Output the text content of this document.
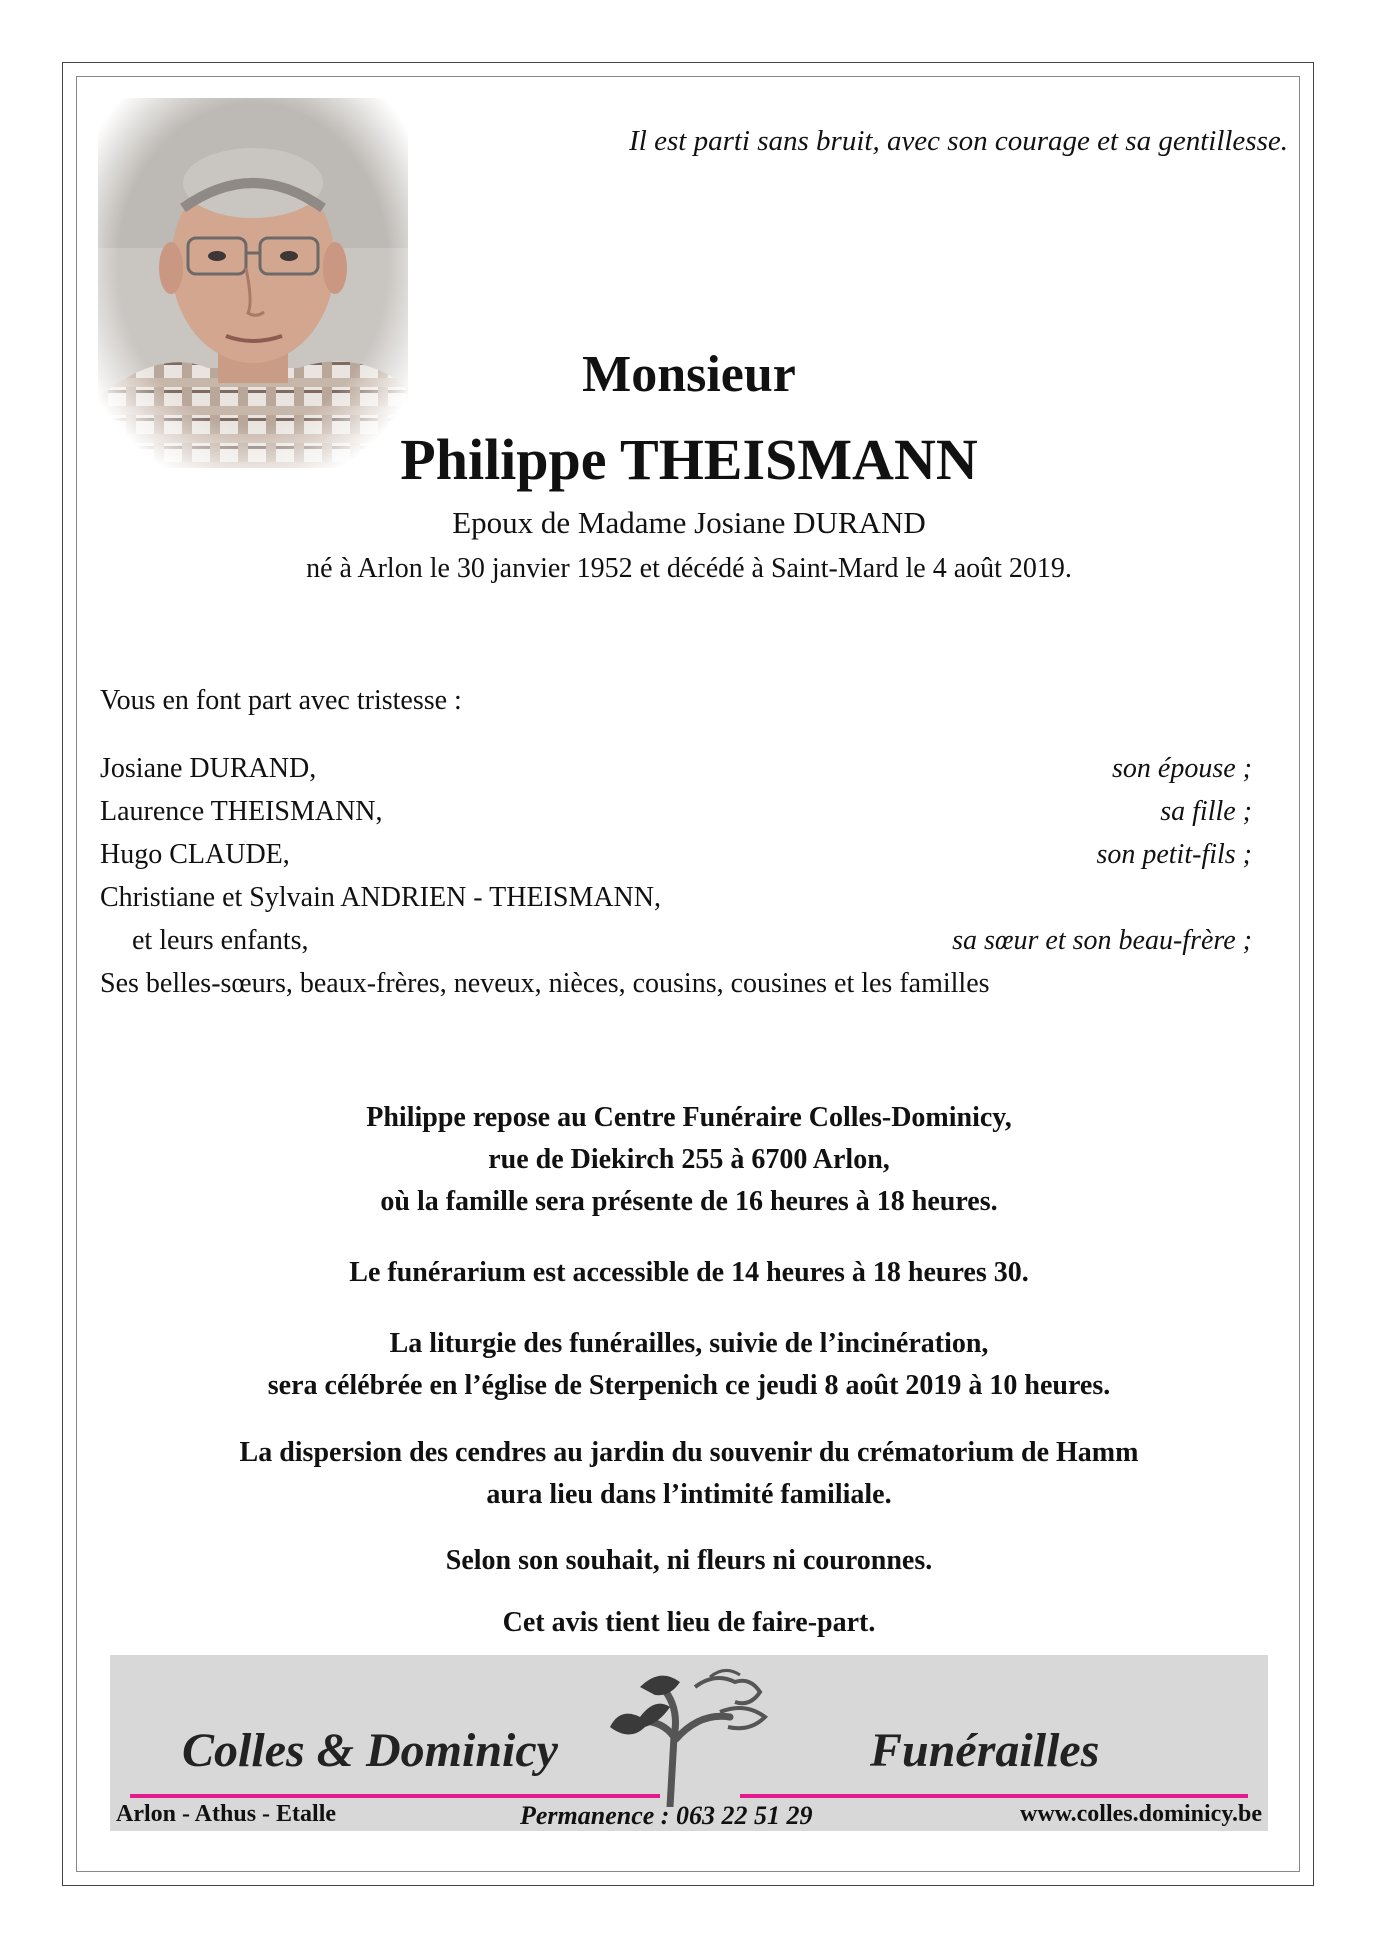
Il est parti sans bruit, avec son courage et sa gentillesse.
Monsieur
Philippe THEISMANN
Epoux de Madame Josiane DURAND
né à Arlon le 30 janvier 1952 et décédé à Saint-Mard le 4 août 2019.
Vous en font part avec tristesse :
Josiane DURAND,	son épouse ;
Laurence THEISMANN,	sa fille ;
Hugo CLAUDE,	son petit-fils ;
Christiane et Sylvain ANDRIEN - THEISMANN,
et leurs enfants,	sa sœur et son beau-frère ;
Ses belles-sœurs, beaux-frères, neveux, nièces, cousins, cousines et les familles
Philippe repose au Centre Funéraire Colles-Dominicy,
rue de Diekirch 255 à 6700 Arlon,
où la famille sera présente de 16 heures à 18 heures.
Le funérarium est accessible de 14 heures à 18 heures 30.
La liturgie des funérailles, suivie de l’incinération,
sera célébrée en l’église de Sterpenich ce jeudi 8 août 2019 à 10 heures.
La dispersion des cendres au jardin du souvenir du crématorium de Hamm
aura lieu dans l’intimité familiale.
Selon son souhait, ni fleurs ni couronnes.
Cet avis tient lieu de faire-part.
Colles & Dominicy	Funérailles
Arlon - Athus - Etalle	Permanence : 063 22 51 29	www.colles.dominicy.be
